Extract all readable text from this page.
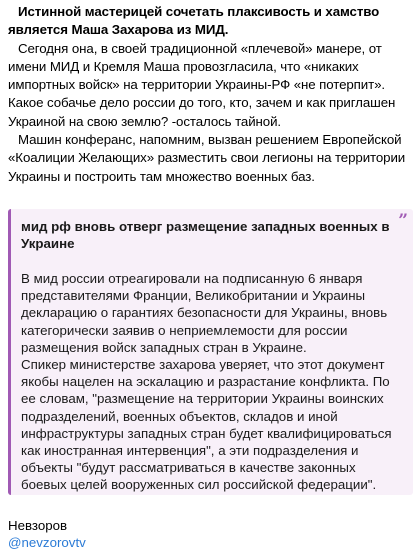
Истинной мастерицей сочетать плаксивость и хамство является Маша Захарова из МИД.

Сегодня она, в своей традиционной «плечевой» манере, от имени МИД и Кремля Маша провозгласила, что «никаких импортных войск» на территории Украины-РФ «не потерпит». Какое собачье дело россии до того, кто, зачем и как приглашен Украиной на свою землю? -осталось тайной.

Машин конферанс, напомним, вызван решением Европейской «Коалиции Желающих» разместить свои легионы на территории Украины и построить там множество военных баз.

”

мид рф вновь отверг размещение западных военных в Украине

В мид россии отреагировали на подписанную 6 января представителями Франции, Великобритании и Украины декларацию о гарантиях безопасности для Украины, вновь категорически заявив о неприемлемости для россии размещения войск западных стран в Украине.
Спикер министерстве захарова уверяет, что этот документ якобы нацелен на эскалацию и разрастание конфликта. По ее словам, "размещение на территории Украины воинских подразделений, военных объектов, складов и иной инфраструктуры западных стран будет квалифицироваться как иностранная интервенция", а эти подразделения и объекты "будут рассматриваться в качестве законных боевых целей вооруженных сил российской федерации".
Невзоров
@nevzorovtv
